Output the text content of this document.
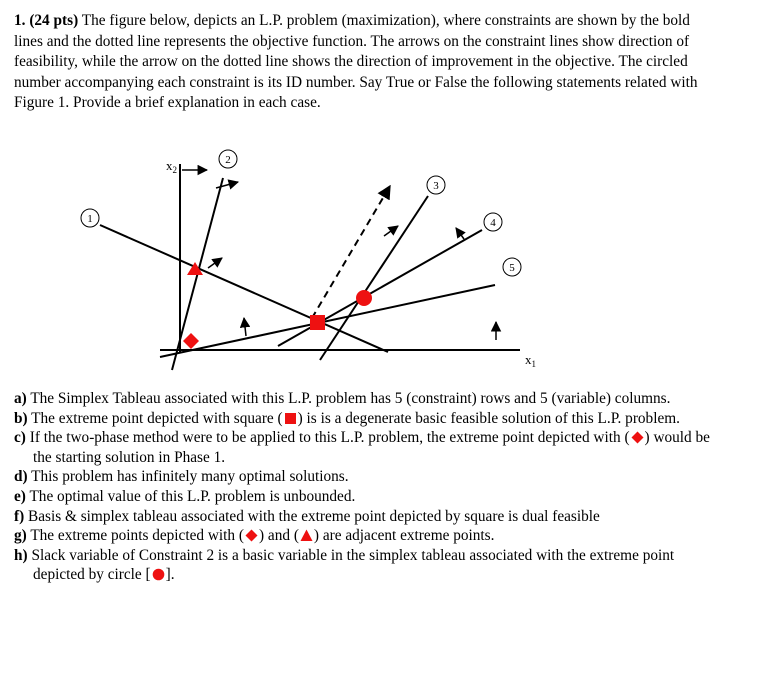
1. (24 pts) The figure below, depicts an L.P. problem (maximization), where constraints are shown by the bold lines and the dotted line represents the objective function. The arrows on the constraint lines show direction of feasibility, while the arrow on the dotted line shows the direction of improvement in the objective. The circled number accompanying each constraint is its ID number. Say True or False the following statements related with Figure 1. Provide a brief explanation in each case.

1
2
3
4
5
$x_2$
$x_1$
a) The Simplex Tableau associated with this L.P. problem has 5 (constraint) rows and 5 (variable) columns.
b) The extreme point depicted with square ( ) is is a degenerate basic feasible solution of this L.P. problem.
c) If the two-phase method were to be applied to this L.P. problem, the extreme point depicted with ( ) would be the starting solution in Phase 1.
d) This problem has infinitely many optimal solutions.
e) The optimal value of this L.P. problem is unbounded.
f) Basis & simplex tableau associated with the extreme point depicted by square is dual feasible
g) The extreme points depicted with ( ) and ( ) are adjacent extreme points.
h) Slack variable of Constraint 2 is a basic variable in the simplex tableau associated with the extreme point depicted by circle [ ].
